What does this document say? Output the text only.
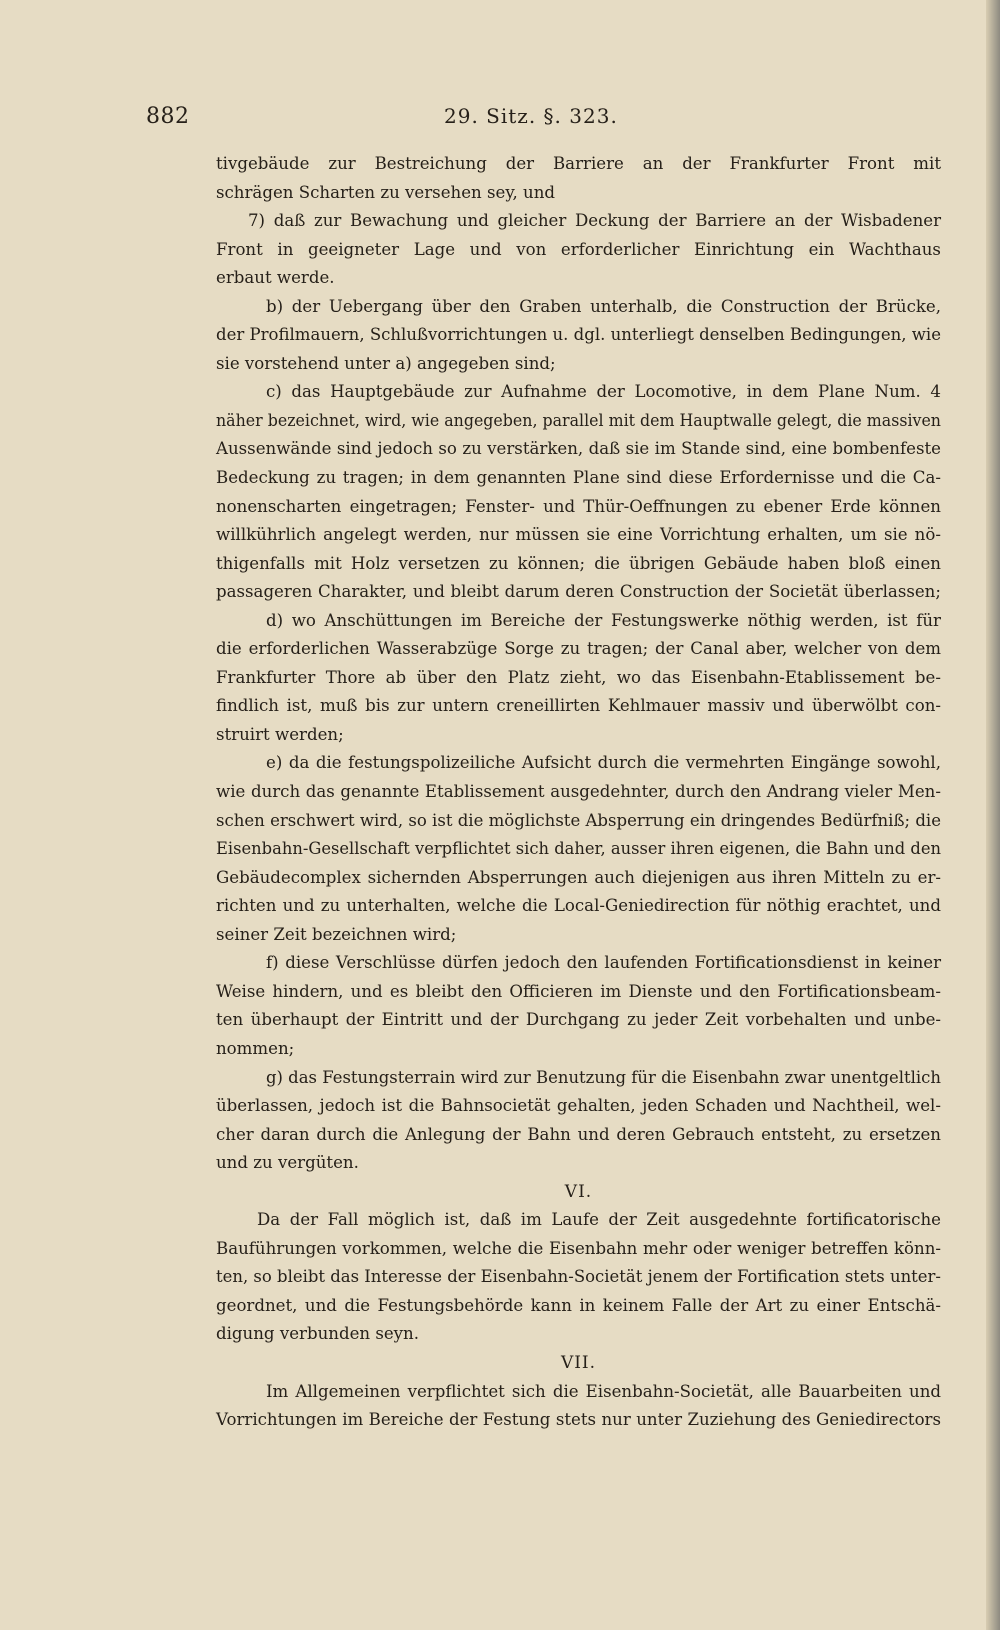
882	29. Sitz. §. 323.
tivgebäude zur Bestreichung der Barriere an der Frankfurter Front mit
schrägen Scharten zu versehen sey, und
7) daß zur Bewachung und gleicher Deckung der Barriere an der Wisbadener
Front in geeigneter Lage und von erforderlicher Einrichtung ein Wachthaus
erbaut werde.
b) der Uebergang über den Graben unterhalb, die Construction der Brücke,
der Profilmauern, Schlußvorrichtungen u. dgl. unterliegt denselben Bedingungen, wie
sie vorstehend unter a) angegeben sind;
c) das Hauptgebäude zur Aufnahme der Locomotive, in dem Plane Num. 4
näher bezeichnet, wird, wie angegeben, parallel mit dem Hauptwalle gelegt, die massiven
Aussenwände sind jedoch so zu verstärken, daß sie im Stande sind, eine bombenfeste
Bedeckung zu tragen; in dem genannten Plane sind diese Erfordernisse und die Ca-
nonenscharten eingetragen; Fenster- und Thür-Oeffnungen zu ebener Erde können
willkührlich angelegt werden, nur müssen sie eine Vorrichtung erhalten, um sie nö-
thigenfalls mit Holz versetzen zu können; die übrigen Gebäude haben bloß einen
passageren Charakter, und bleibt darum deren Construction der Societät überlassen;
d) wo Anschüttungen im Bereiche der Festungswerke nöthig werden, ist für
die erforderlichen Wasserabzüge Sorge zu tragen; der Canal aber, welcher von dem
Frankfurter Thore ab über den Platz zieht, wo das Eisenbahn-Etablissement be-
findlich ist, muß bis zur untern creneillirten Kehlmauer massiv und überwölbt con-
struirt werden;
e) da die festungspolizeiliche Aufsicht durch die vermehrten Eingänge sowohl,
wie durch das genannte Etablissement ausgedehnter, durch den Andrang vieler Men-
schen erschwert wird, so ist die möglichste Absperrung ein dringendes Bedürfniß; die
Eisenbahn-Gesellschaft verpflichtet sich daher, ausser ihren eigenen, die Bahn und den
Gebäudecomplex sichernden Absperrungen auch diejenigen aus ihren Mitteln zu er-
richten und zu unterhalten, welche die Local-Geniedirection für nöthig erachtet, und
seiner Zeit bezeichnen wird;
f) diese Verschlüsse dürfen jedoch den laufenden Fortificationsdienst in keiner
Weise hindern, und es bleibt den Officieren im Dienste und den Fortificationsbeam-
ten überhaupt der Eintritt und der Durchgang zu jeder Zeit vorbehalten und unbe-
nommen;
g) das Festungsterrain wird zur Benutzung für die Eisenbahn zwar unentgeltlich
überlassen, jedoch ist die Bahnsocietät gehalten, jeden Schaden und Nachtheil, wel-
cher daran durch die Anlegung der Bahn und deren Gebrauch entsteht, zu ersetzen
und zu vergüten.
VI.
Da der Fall möglich ist, daß im Laufe der Zeit ausgedehnte fortificatorische
Bauführungen vorkommen, welche die Eisenbahn mehr oder weniger betreffen könn-
ten, so bleibt das Interesse der Eisenbahn-Societät jenem der Fortification stets unter-
geordnet, und die Festungsbehörde kann in keinem Falle der Art zu einer Entschä-
digung verbunden seyn.
VII.
Im Allgemeinen verpflichtet sich die Eisenbahn-Societät, alle Bauarbeiten und
Vorrichtungen im Bereiche der Festung stets nur unter Zuziehung des Geniedirectors
